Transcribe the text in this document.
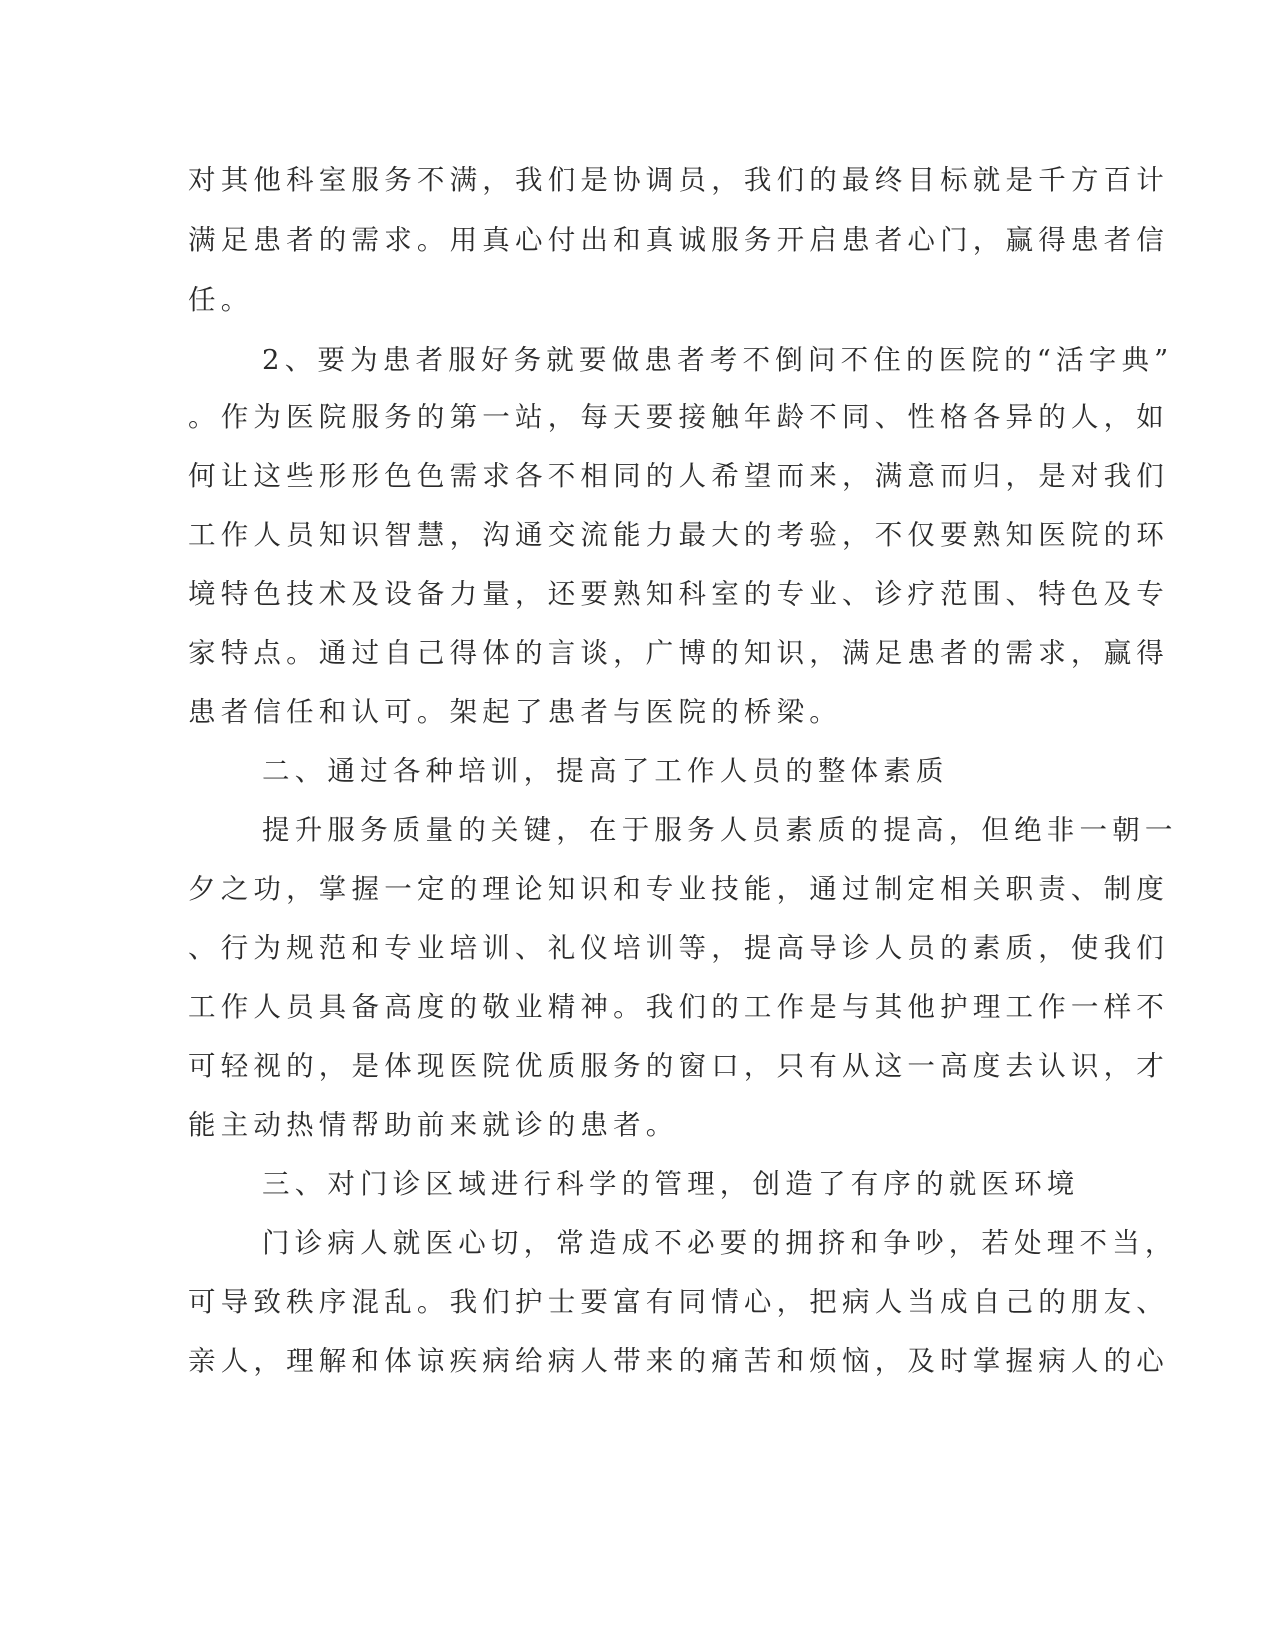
对其他科室服务不满，我们是协调员，我们的最终目标就是千方百计
满足患者的需求。用真心付出和真诚服务开启患者心门，赢得患者信
任。
2、要为患者服好务就要做患者考不倒问不住的医院的“活字典”
。作为医院服务的第一站，每天要接触年龄不同、性格各异的人，如
何让这些形形色色需求各不相同的人希望而来，满意而归，是对我们
工作人员知识智慧，沟通交流能力最大的考验，不仅要熟知医院的环
境特色技术及设备力量，还要熟知科室的专业、诊疗范围、特色及专
家特点。通过自己得体的言谈，广博的知识，满足患者的需求，赢得
患者信任和认可。架起了患者与医院的桥梁。
二、通过各种培训，提高了工作人员的整体素质
提升服务质量的关键，在于服务人员素质的提高，但绝非一朝一
夕之功，掌握一定的理论知识和专业技能，通过制定相关职责、制度
、行为规范和专业培训、礼仪培训等，提高导诊人员的素质，使我们
工作人员具备高度的敬业精神。我们的工作是与其他护理工作一样不
可轻视的，是体现医院优质服务的窗口，只有从这一高度去认识，才
能主动热情帮助前来就诊的患者。
三、对门诊区域进行科学的管理，创造了有序的就医环境
门诊病人就医心切，常造成不必要的拥挤和争吵，若处理不当，
可导致秩序混乱。我们护士要富有同情心，把病人当成自己的朋友、
亲人，理解和体谅疾病给病人带来的痛苦和烦恼，及时掌握病人的心
